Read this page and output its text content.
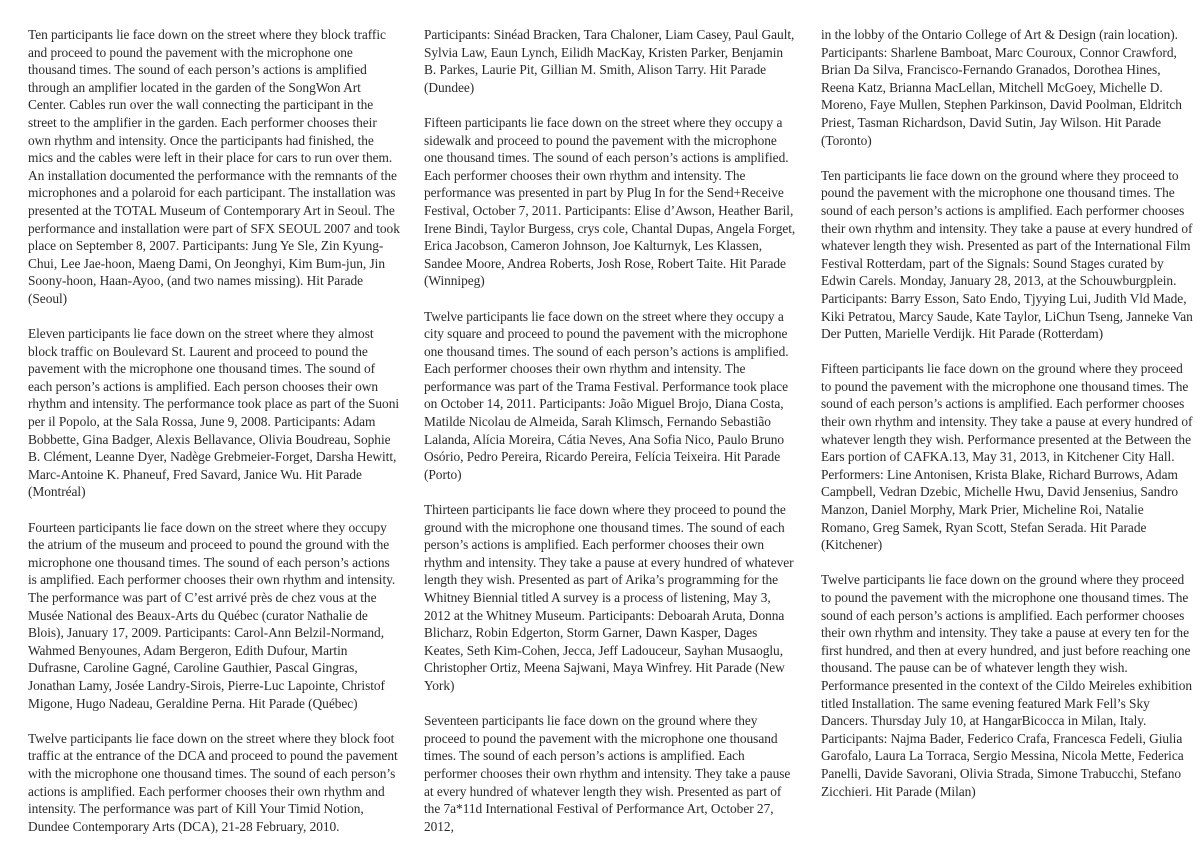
Ten participants lie face down on the street where they block traffic and proceed to pound the pavement with the microphone one thousand times. The sound of each person’s actions is amplified through an amplifier located in the garden of the SongWon Art Center. Cables run over the wall connecting the participant in the street to the amplifier in the garden. Each performer chooses their own rhythm and intensity. Once the participants had finished, the mics and the cables were left in their place for cars to run over them. An installation documented the performance with the remnants of the microphones and a polaroid for each participant. The installation was presented at the TOTAL Museum of Contemporary Art in Seoul. The performance and installation were part of SFX SEOUL 2007 and took place on September 8, 2007. Participants: Jung Ye Sle, Zin Kyung-Chui, Lee Jae-hoon, Maeng Dami, On Jeonghyi, Kim Bum-jun, Jin Soony-hoon, Haan-Ayoo, (and two names missing). Hit Parade (Seoul)

Eleven participants lie face down on the street where they almost block traffic on Boulevard St. Laurent and proceed to pound the pavement with the microphone one thousand times. The sound of each person’s actions is amplified. Each person chooses their own rhythm and intensity. The performance took place as part of the Suoni per il Popolo, at the Sala Rossa, June 9, 2008. Participants: Adam Bobbette, Gina Badger, Alexis Bellavance, Olivia Boudreau, Sophie B. Clément, Leanne Dyer, Nadège Grebmeier-Forget, Darsha Hewitt, Marc-Antoine K. Phaneuf, Fred Savard, Janice Wu. Hit Parade (Montréal)

Fourteen participants lie face down on the street where they occupy the atrium of the museum and proceed to pound the ground with the microphone one thousand times. The sound of each person’s actions is amplified. Each performer chooses their own rhythm and intensity. The performance was part of C’est arrivé près de chez vous at the Musée National des Beaux-Arts du Québec (curator Nathalie de Blois), January 17, 2009. Participants: Carol-Ann Belzil-Normand, Wahmed Benyounes, Adam Bergeron, Edith Dufour, Martin Dufrasne, Caroline Gagné, Caroline Gauthier, Pascal Gingras, Jonathan Lamy, Josée Landry-Sirois, Pierre-Luc Lapointe, Christof Migone, Hugo Nadeau, Geraldine Perna. Hit Parade (Québec)

Twelve participants lie face down on the street where they block foot traffic at the entrance of the DCA and proceed to pound the pavement with the microphone one thousand times. The sound of each person’s actions is amplified. Each performer chooses their own rhythm and intensity. The performance was part of Kill Your Timid Notion, Dundee Contemporary Arts (DCA), 21-28 February, 2010.

Participants: Sinéad Bracken, Tara Chaloner, Liam Casey, Paul Gault, Sylvia Law, Eaun Lynch, Eilidh MacKay, Kristen Parker, Benjamin B. Parkes, Laurie Pit, Gillian M. Smith, Alison Tarry. Hit Parade (Dundee)

Fifteen participants lie face down on the street where they occupy a sidewalk and proceed to pound the pavement with the microphone one thousand times. The sound of each person’s actions is amplified. Each performer chooses their own rhythm and intensity. The performance was presented in part by Plug In for the Send+Receive Festival, October 7, 2011. Participants: Elise d’Awson, Heather Baril, Irene Bindi, Taylor Burgess, crys cole, Chantal Dupas, Angela Forget, Erica Jacobson, Cameron Johnson, Joe Kalturnyk, Les Klassen, Sandee Moore, Andrea Roberts, Josh Rose, Robert Taite. Hit Parade (Winnipeg)

Twelve participants lie face down on the street where they occupy a city square and proceed to pound the pavement with the microphone one thousand times. The sound of each person’s actions is amplified. Each performer chooses their own rhythm and intensity. The performance was part of the Trama Festival. Performance took place on October 14, 2011. Participants: João Miguel Brojo, Diana Costa, Matilde Nicolau de Almeida, Sarah Klimsch, Fernando Sebastião Lalanda, Alícia Moreira, Cátia Neves, Ana Sofia Nico, Paulo Bruno Osório, Pedro Pereira, Ricardo Pereira, Felícia Teixeira. Hit Parade (Porto)

Thirteen participants lie face down where they proceed to pound the ground with the microphone one thousand times. The sound of each person’s actions is amplified. Each performer chooses their own rhythm and intensity. They take a pause at every hundred of whatever length they wish. Presented as part of Arika’s programming for the Whitney Biennial titled A survey is a process of listening, May 3, 2012 at the Whitney Museum. Participants: Deboarah Aruta, Donna Blicharz, Robin Edgerton, Storm Garner, Dawn Kasper, Dages Keates, Seth Kim-Cohen, Jecca, Jeff Ladouceur, Sayhan Musaoglu, Christopher Ortiz, Meena Sajwani, Maya Winfrey. Hit Parade (New York)

Seventeen participants lie face down on the ground where they proceed to pound the pavement with the microphone one thousand times. The sound of each person’s actions is amplified. Each performer chooses their own rhythm and intensity. They take a pause at every hundred of whatever length they wish. Presented as part of the 7a*11d International Festival of Performance Art, October 27, 2012,

in the lobby of the Ontario College of Art & Design (rain location). Participants: Sharlene Bamboat, Marc Couroux, Connor Crawford, Brian Da Silva, Francisco-Fernando Granados, Dorothea Hines, Reena Katz, Brianna MacLellan, Mitchell McGoey, Michelle D. Moreno, Faye Mullen, Stephen Parkinson, David Poolman, Eldritch Priest, Tasman Richardson, David Sutin, Jay Wilson. Hit Parade (Toronto)

Ten participants lie face down on the ground where they proceed to pound the pavement with the microphone one thousand times. The sound of each person’s actions is amplified. Each performer chooses their own rhythm and intensity. They take a pause at every hundred of whatever length they wish. Presented as part of the International Film Festival Rotterdam, part of the Signals: Sound Stages curated by Edwin Carels. Monday, January 28, 2013, at the Schouwburgplein. Participants: Barry Esson, Sato Endo, Tjyying Lui, Judith Vld Made, Kiki Petratou, Marcy Saude, Kate Taylor, LiChun Tseng, Janneke Van Der Putten, Marielle Verdijk. Hit Parade (Rotterdam)

Fifteen participants lie face down on the ground where they proceed to pound the pavement with the microphone one thousand times. The sound of each person’s actions is amplified. Each performer chooses their own rhythm and intensity. They take a pause at every hundred of whatever length they wish. Performance presented at the Between the Ears portion of CAFKA.13, May 31, 2013, in Kitchener City Hall. Performers: Line Antonisen, Krista Blake, Richard Burrows, Adam Campbell, Vedran Dzebic, Michelle Hwu, David Jensenius, Sandro Manzon, Daniel Morphy, Mark Prier, Micheline Roi, Natalie Romano, Greg Samek, Ryan Scott, Stefan Serada. Hit Parade (Kitchener)

Twelve participants lie face down on the ground where they proceed to pound the pavement with the microphone one thousand times. The sound of each person’s actions is amplified. Each performer chooses their own rhythm and intensity. They take a pause at every ten for the first hundred, and then at every hundred, and just before reaching one thousand. The pause can be of whatever length they wish. Performance presented in the context of the Cildo Meireles exhibition titled Installation. The same evening featured Mark Fell’s Sky Dancers. Thursday July 10, at HangarBicocca in Milan, Italy. Participants: Najma Bader, Federico Crafa, Francesca Fedeli, Giulia Garofalo, Laura La Torraca, Sergio Messina, Nicola Mette, Federica Panelli, Davide Savorani, Olivia Strada, Simone Trabucchi, Stefano Zicchieri. Hit Parade (Milan)
